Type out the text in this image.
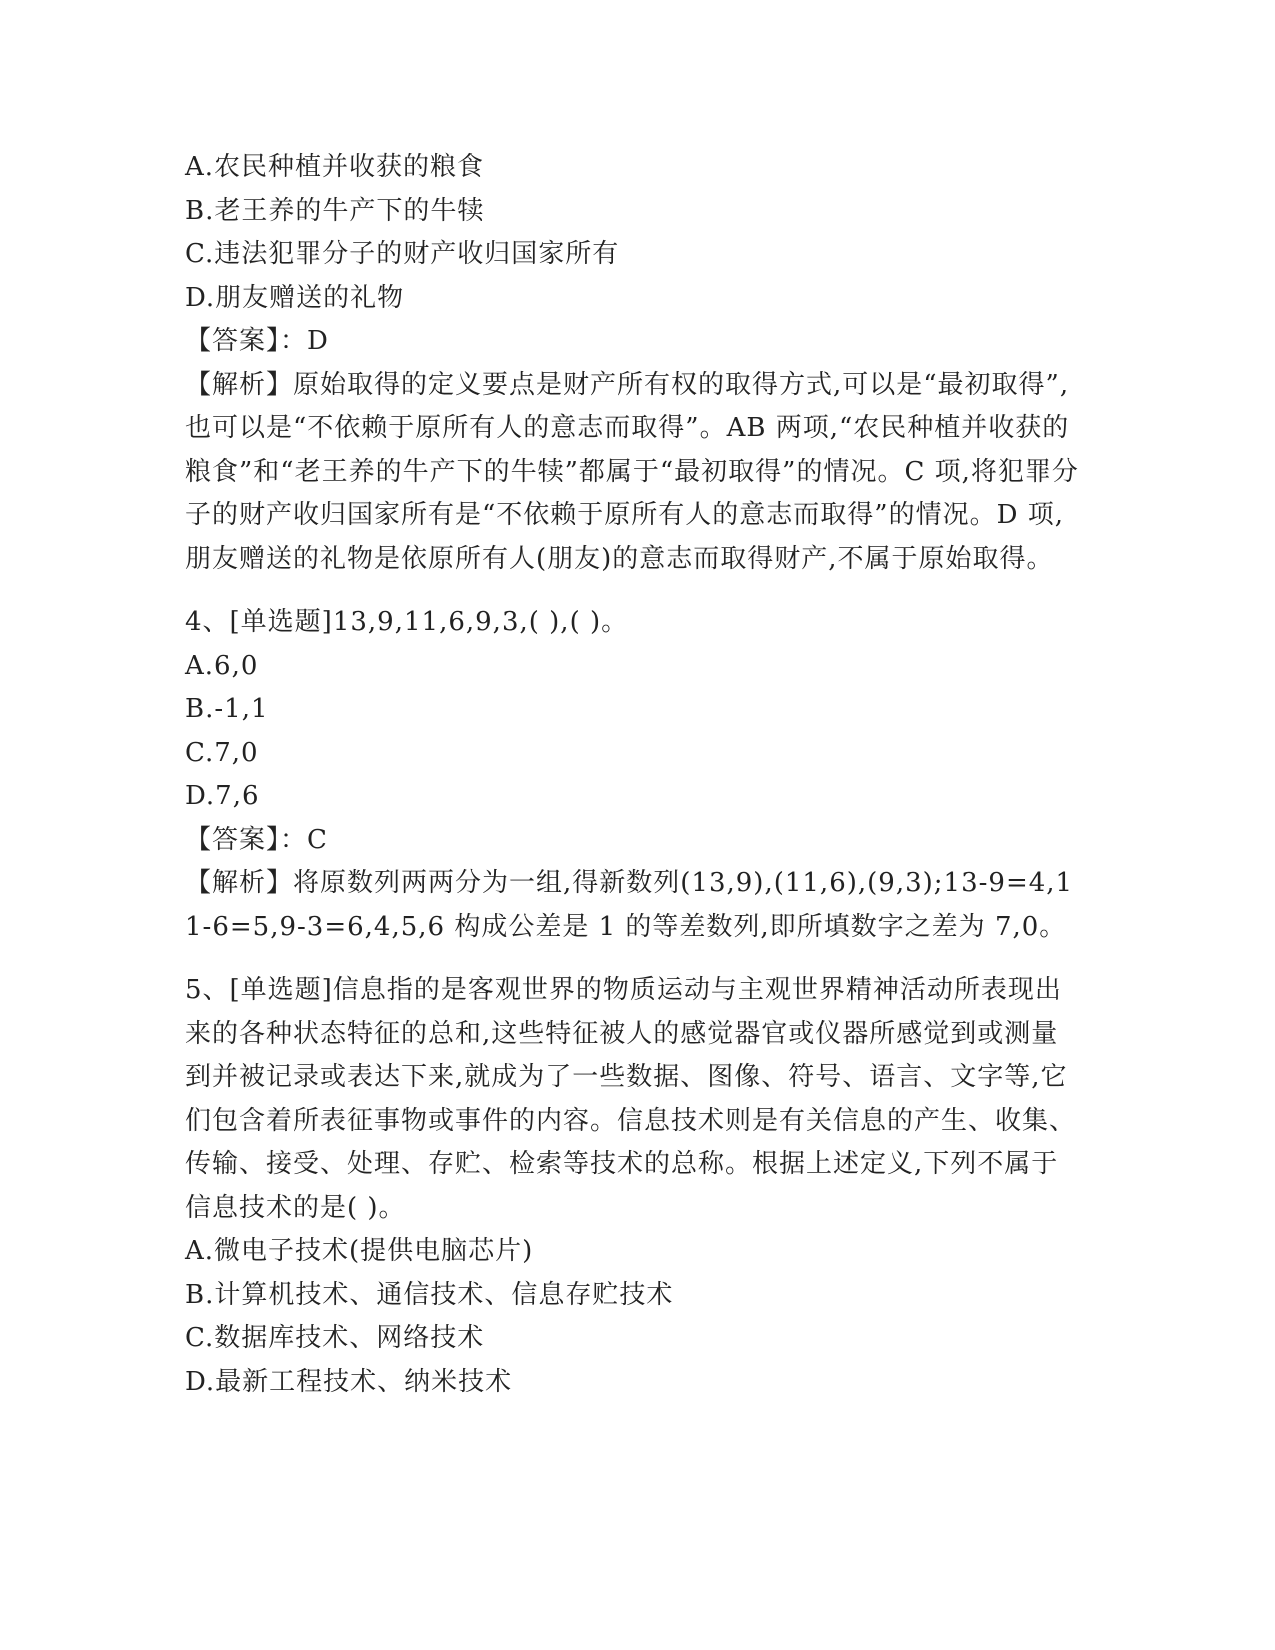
A.农民种植并收获的粮食
B.老王养的牛产下的牛犊
C.违法犯罪分子的财产收归国家所有
D.朋友赠送的礼物
【答案】：D
【解析】原始取得的定义要点是财产所有权的取得方式,可以是“最初取得”,也可以是“不依赖于原所有人的意志而取得”。AB 两项,“农民种植并收获的粮食”和“老王养的牛产下的牛犊”都属于“最初取得”的情况。C 项,将犯罪分子的财产收归国家所有是“不依赖于原所有人的意志而取得”的情况。D 项,朋友赠送的礼物是依原所有人(朋友)的意志而取得财产,不属于原始取得。
4、[单选题]13,9,11,6,9,3,( ),( )。
A.6,0
B.-1,1
C.7,0
D.7,6
【答案】：C
【解析】将原数列两两分为一组,得新数列(13,9),(11,6),(9,3);13-9=4,11-6=5,9-3=6,4,5,6 构成公差是 1 的等差数列,即所填数字之差为 7,0。
5、[单选题]信息指的是客观世界的物质运动与主观世界精神活动所表现出来的各种状态特征的总和,这些特征被人的感觉器官或仪器所感觉到或测量到并被记录或表达下来,就成为了一些数据、图像、符号、语言、文字等,它们包含着所表征事物或事件的内容。信息技术则是有关信息的产生、收集、传输、接受、处理、存贮、检索等技术的总称。根据上述定义,下列不属于信息技术的是( )。
A.微电子技术(提供电脑芯片)
B.计算机技术、通信技术、信息存贮技术
C.数据库技术、网络技术
D.最新工程技术、纳米技术
